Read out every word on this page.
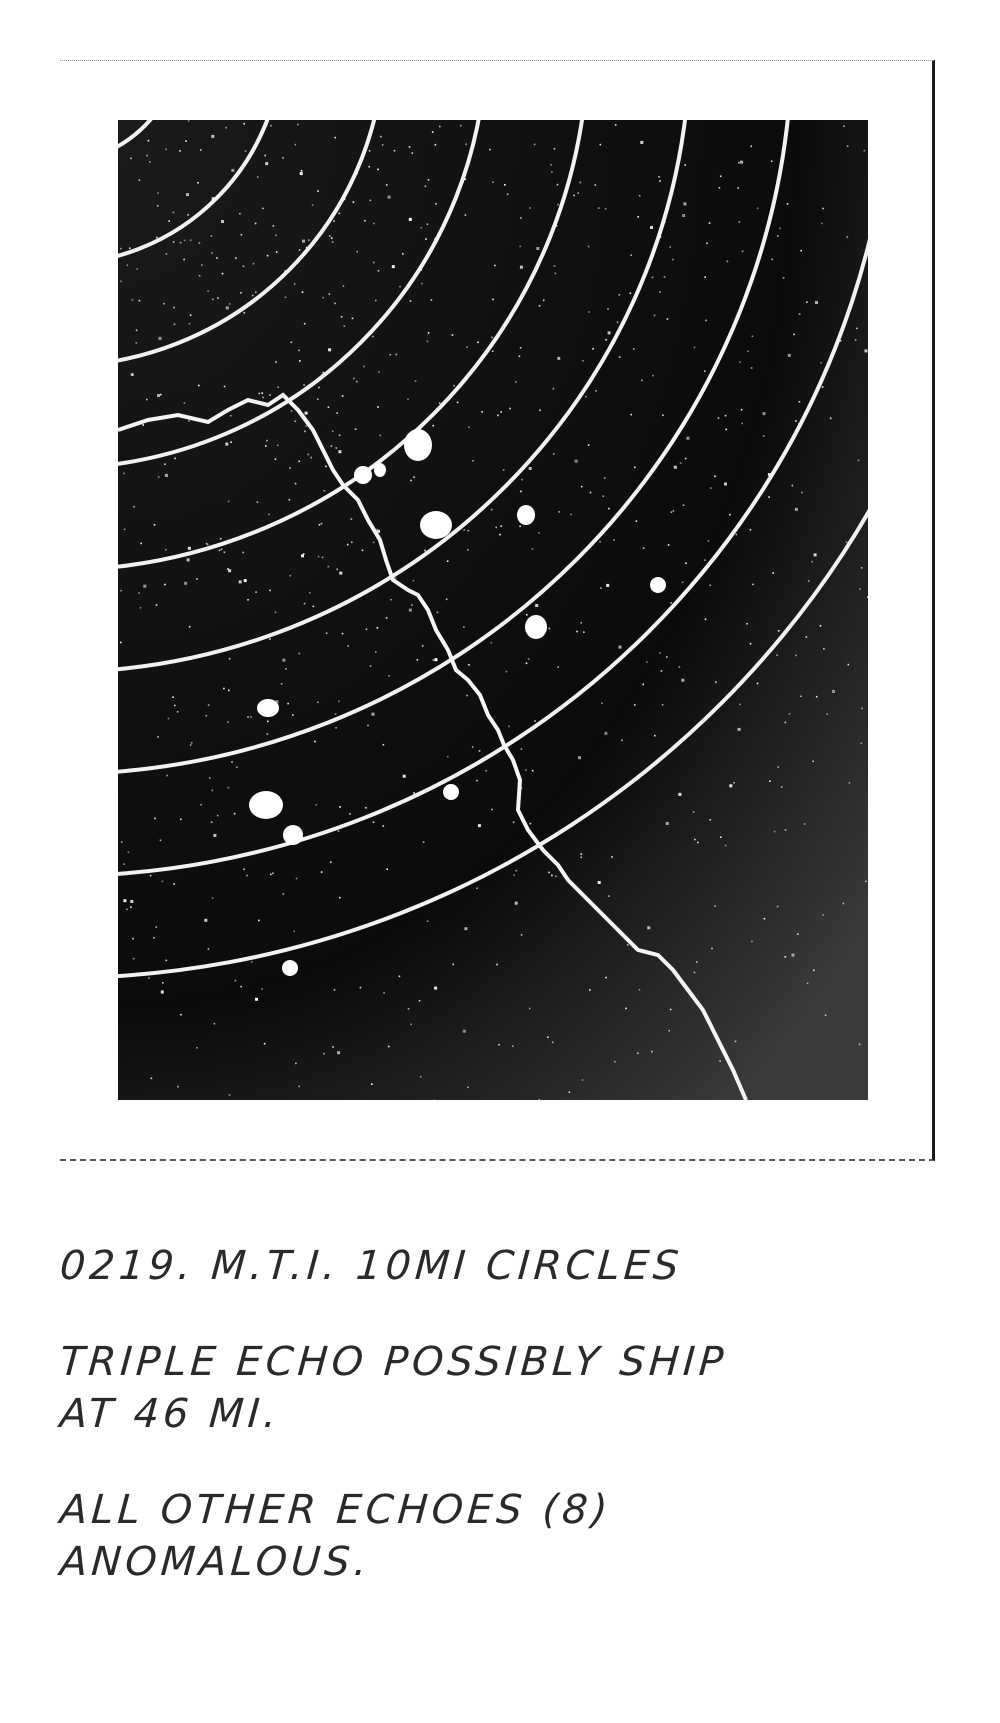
0219. M.T.I. 10MI CIRCLES
TRIPLE ECHO POSSIBLY SHIP
AT 46 MI.
ALL OTHER ECHOES (8)
ANOMALOUS.
